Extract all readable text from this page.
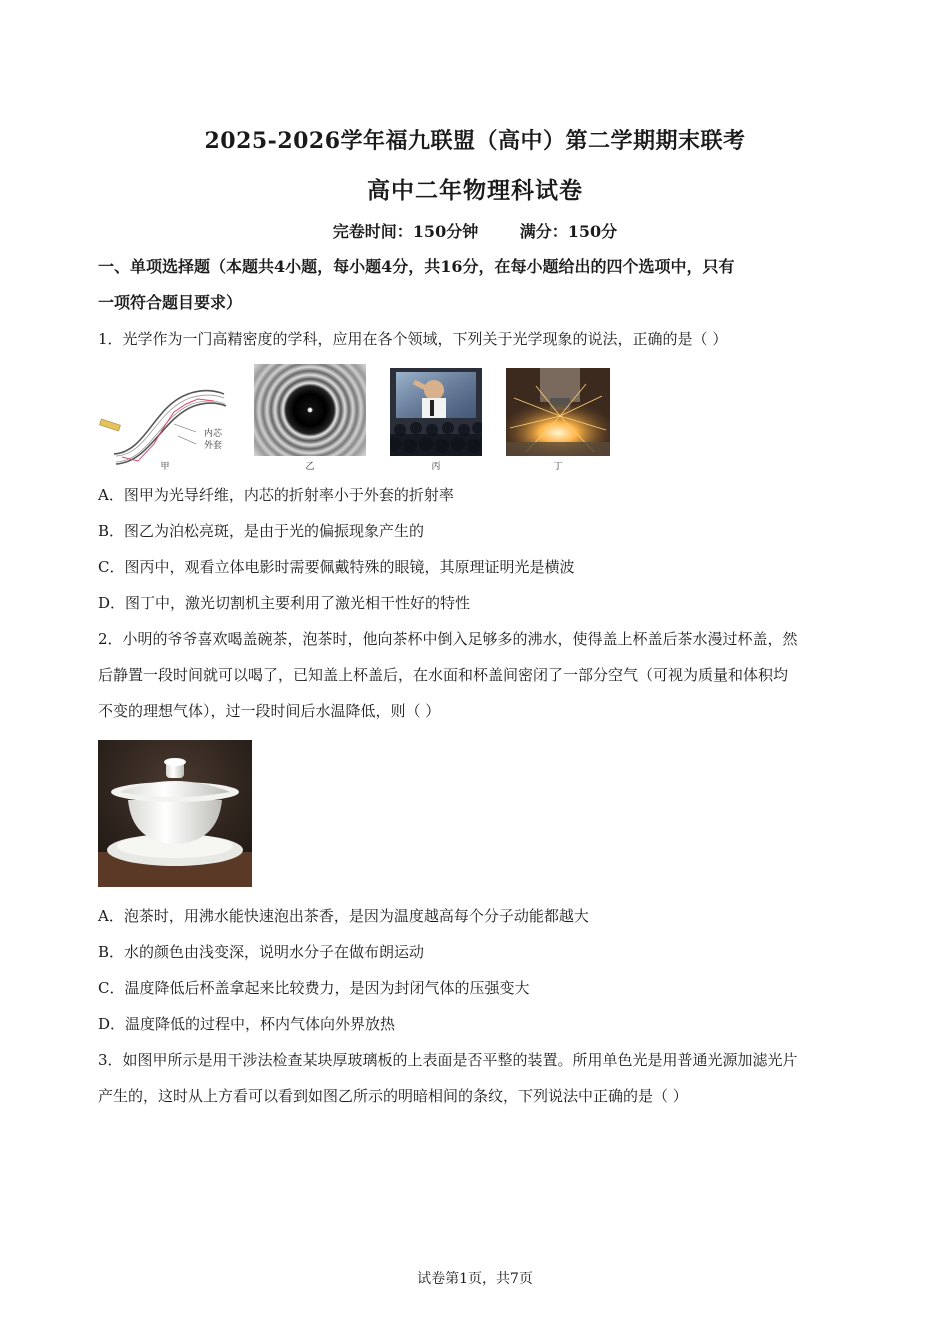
2025-2026学年福九联盟（高中）第二学期期末联考
高中二年物理科试卷
完卷时间：150分钟	满分：150分
一、单项选择题（本题共4小题，每小题4分，共16分，在每小题给出的四个选项中，只有
一项符合题目要求）
1．光学作为一门高精密度的学科，应用在各个领域，下列关于光学现象的说法，正确的是（ ）
内芯
外套
甲	乙	丙	丁
A．图甲为光导纤维，内芯的折射率小于外套的折射率
B．图乙为泊松亮斑，是由于光的偏振现象产生的
C．图丙中，观看立体电影时需要佩戴特殊的眼镜，其原理证明光是横波
D．图丁中，激光切割机主要利用了激光相干性好的特性
2．小明的爷爷喜欢喝盖碗茶，泡茶时，他向茶杯中倒入足够多的沸水，使得盖上杯盖后茶水漫过杯盖，然
后静置一段时间就可以喝了，已知盖上杯盖后，在水面和杯盖间密闭了一部分空气（可视为质量和体积均
不变的理想气体），过一段时间后水温降低，则（ ）
A．泡茶时，用沸水能快速泡出茶香，是因为温度越高每个分子动能都越大
B．水的颜色由浅变深，说明水分子在做布朗运动
C．温度降低后杯盖拿起来比较费力，是因为封闭气体的压强变大
D．温度降低的过程中，杯内气体向外界放热
3．如图甲所示是用干涉法检查某块厚玻璃板的上表面是否平整的装置。所用单色光是用普通光源加滤光片
产生的，这时从上方看可以看到如图乙所示的明暗相间的条纹，下列说法中正确的是（ ）
试卷第1页，共7页
